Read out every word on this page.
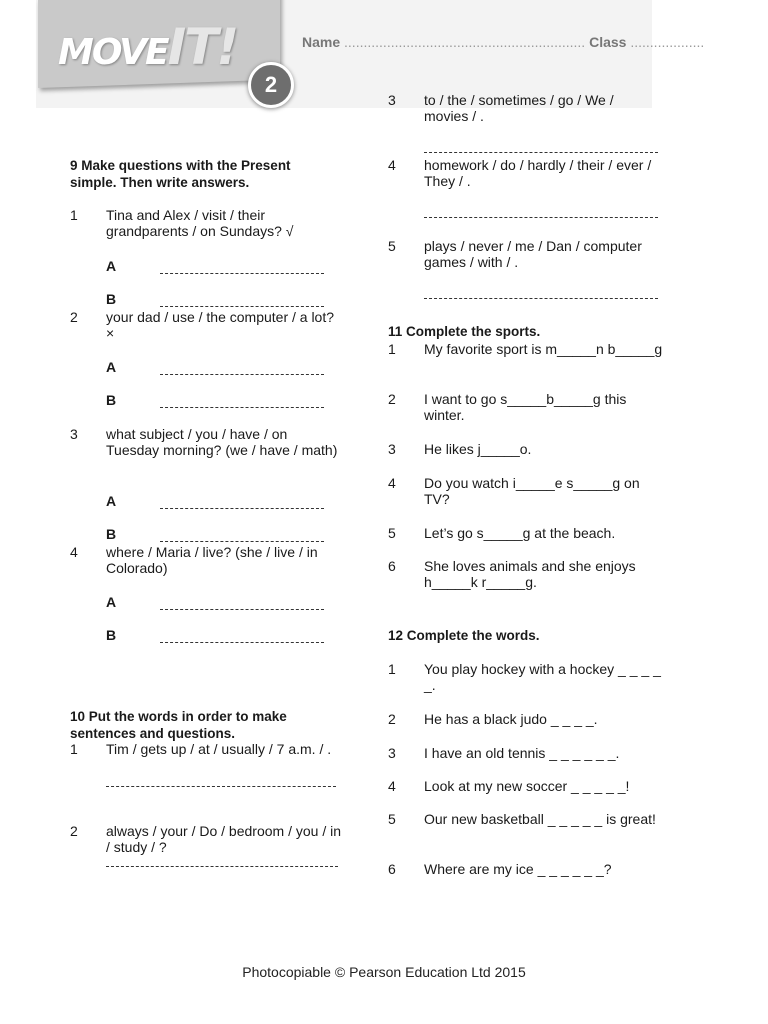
MOVEIT!
2
Name .............................................................. Class ...................
9 Make questions with the Present simple. Then write answers.
1	Tina and Alex / visit / their grandparents / on Sundays? √
A
B
2	your dad / use / the computer / a lot? ×
A
B
3	what subject / you / have / on Tuesday morning? (we / have / math)
A
B
4	where / Maria / live? (she / live / in Colorado)
A
B
10 Put the words in order to make sentences and questions.
1	Tim / gets up / at / usually / 7 a.m. / .
2	always / your / Do / bedroom / you / in / study / ?
3	to / the / sometimes / go / We / movies / .
4	homework / do / hardly / their / ever / They / .
5	plays / never / me / Dan / computer games / with / .
11 Complete the sports.
1	My favorite sport is m_____n b_____g
2	I want to go s_____b_____g this winter.
3	He likes j_____o.
4	Do you watch i_____e s_____g on TV?
5	Let’s go s_____g at the beach.
6	She loves animals and she enjoys h_____k r_____g.
12 Complete the words.
1	You play hockey with a hockey _ _ _ _ _.
2	He has a black judo _ _ _ _.
3	I have an old tennis _ _ _ _ _ _.
4	Look at my new soccer _ _ _ _ _!
5	Our new basketball _ _ _ _ _ is great!
6	Where are my ice _ _ _ _ _ _?
Photocopiable © Pearson Education Ltd 2015
